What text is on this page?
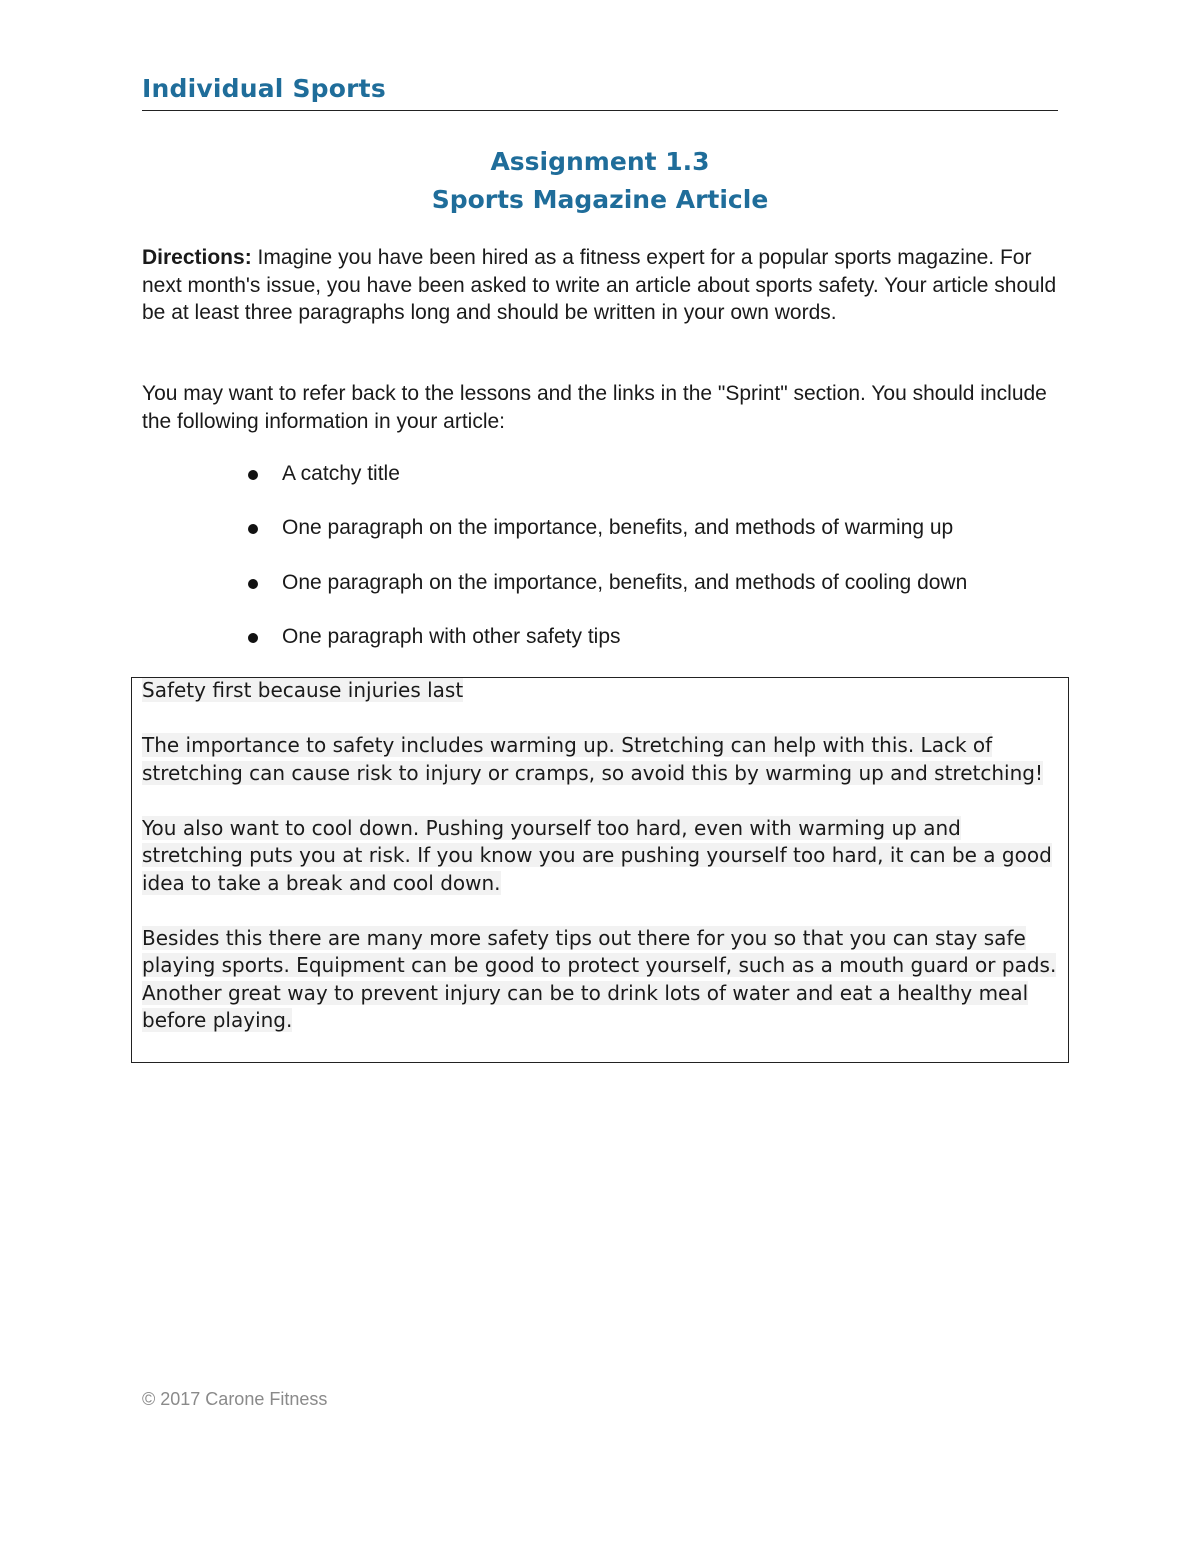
Individual Sports
Assignment 1.3
Sports Magazine Article
Directions: Imagine you have been hired as a fitness expert for a popular sports magazine. For next month's issue, you have been asked to write an article about sports safety. Your article should be at least three paragraphs long and should be written in your own words.
You may want to refer back to the lessons and the links in the "Sprint" section. You should include the following information in your article:
A catchy title
One paragraph on the importance, benefits, and methods of warming up
One paragraph on the importance, benefits, and methods of cooling down
One paragraph with other safety tips

Safety first because injuries last

The importance to safety includes warming up. Stretching can help with this. Lack of stretching can cause risk to injury or cramps, so avoid this by warming up and stretching!

You also want to cool down. Pushing yourself too hard, even with warming up and stretching puts you at risk. If you know you are pushing yourself too hard, it can be a good idea to take a break and cool down.

Besides this there are many more safety tips out there for you so that you can stay safe playing sports. Equipment can be good to protect yourself, such as a mouth guard or pads. Another great way to prevent injury can be to drink lots of water and eat a healthy meal before playing.

© 2017 Carone Fitness
